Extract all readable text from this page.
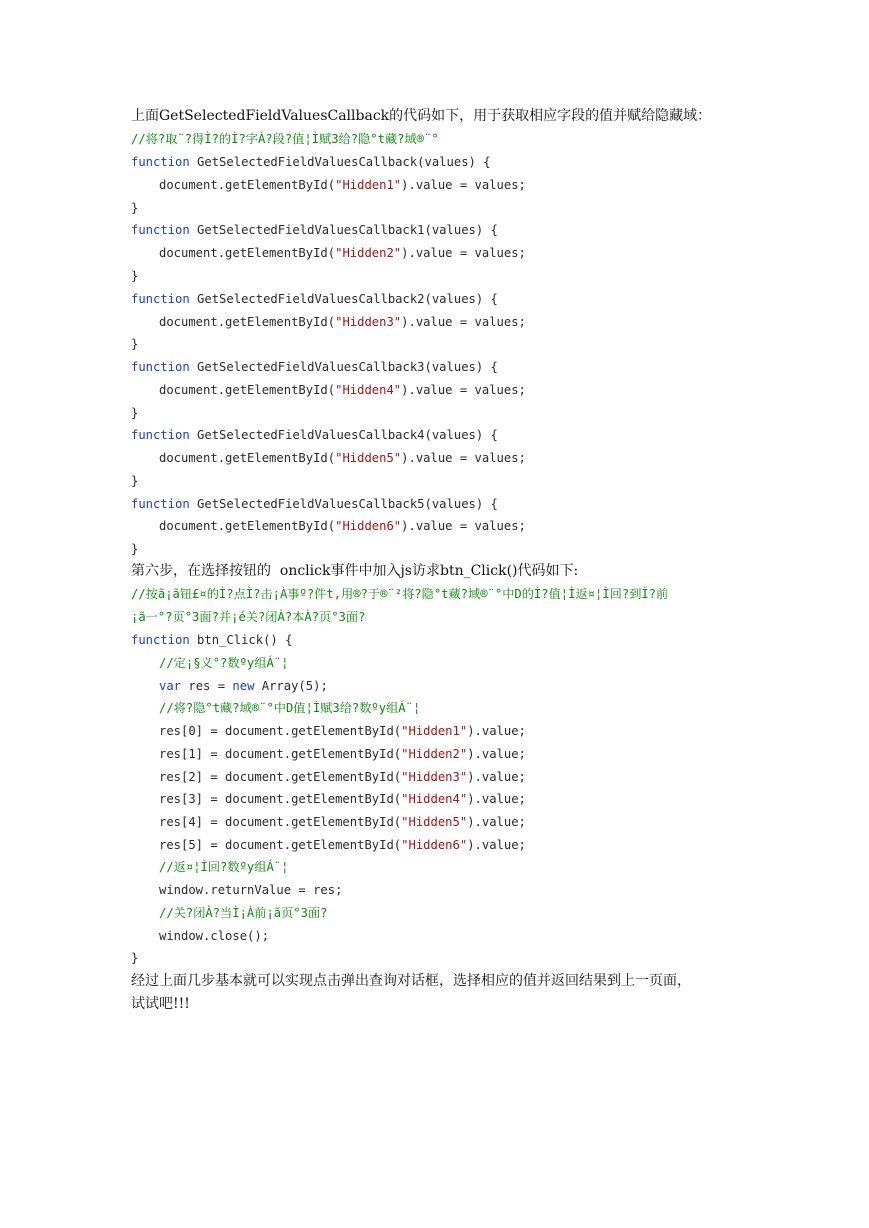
上面GetSelectedFieldValuesCallback的代码如下，用于获取相应字段的值并赋给隐藏域：
//将?取¨?得Ì?的Ì?字Á?段?值¦Ì赋3给?隐°t藏?域®¨°
function GetSelectedFieldValuesCallback(values) {
document.getElementById("Hidden1").value = values;
}
function GetSelectedFieldValuesCallback1(values) {
document.getElementById("Hidden2").value = values;
}
function GetSelectedFieldValuesCallback2(values) {
document.getElementById("Hidden3").value = values;
}
function GetSelectedFieldValuesCallback3(values) {
document.getElementById("Hidden4").value = values;
}
function GetSelectedFieldValuesCallback4(values) {
document.getElementById("Hidden5").value = values;
}
function GetSelectedFieldValuesCallback5(values) {
document.getElementById("Hidden6").value = values;
}
第六步，在选择按钮的  onclick事件中加入js访求btn_Click()代码如下:
//按ã¡ã钮£¤的Ì?点Ì?击¡À事º?件t,用®?于®¨²将?隐°t藏?域®¨°中D的Ì?值¦Ì返¤¦Ì回?到Ì?前
¡ã一°?页°3面?并¡é关?闭À?本À?页°3面?
function btn_Click() {
//定¡§义°?数ºy组Á¨¦
var res = new Array(5);
//将?隐°t藏?域®¨°中D值¦Ì赋3给?数ºy组Á¨¦
res[0] = document.getElementById("Hidden1").value;
res[1] = document.getElementById("Hidden2").value;
res[2] = document.getElementById("Hidden3").value;
res[3] = document.getElementById("Hidden4").value;
res[4] = document.getElementById("Hidden5").value;
res[5] = document.getElementById("Hidden6").value;
//返¤¦Ì回?数ºy组Á¨¦
window.returnValue = res;
//关?闭À?当Ì¡À前¡ã页°3面?
window.close();
}
经过上面几步基本就可以实现点击弹出查询对话框，选择相应的值并返回结果到上一页面，
试试吧!!!
